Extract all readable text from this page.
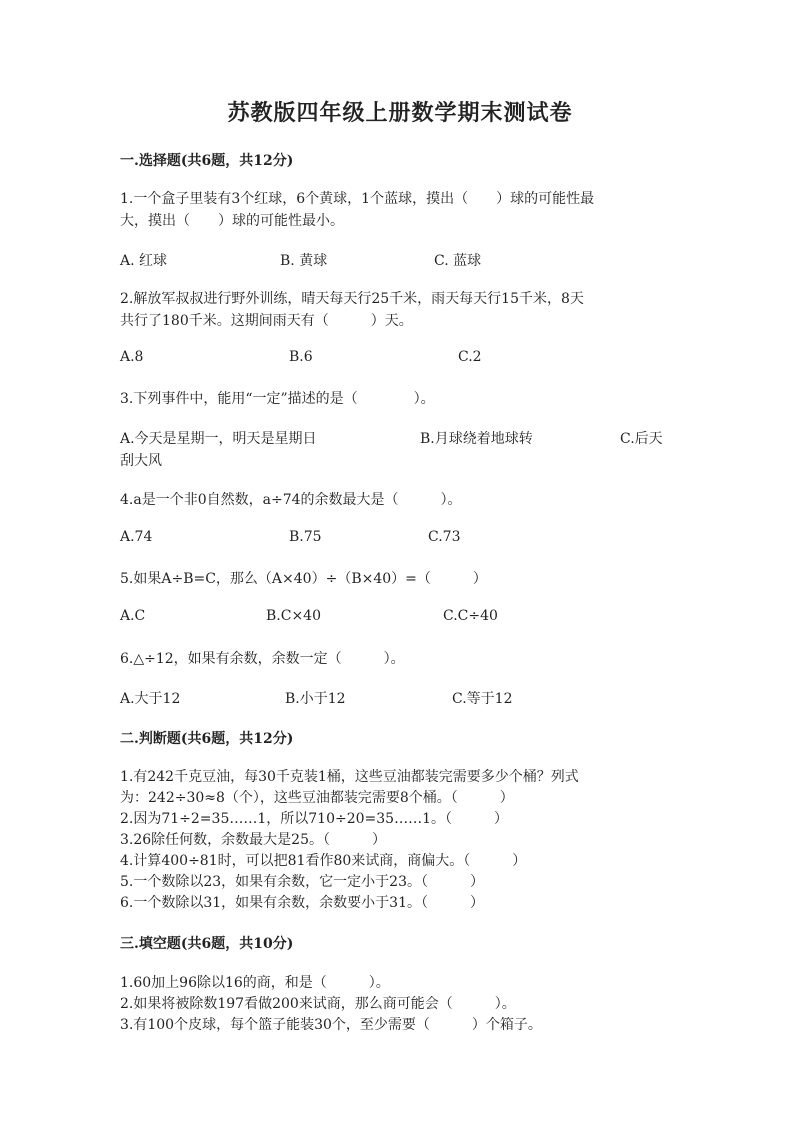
苏教版四年级上册数学期末测试卷
一.选择题(共6题，共12分)
1.一个盒子里装有3个红球，6个黄球，1个蓝球，摸出（　　）球的可能性最
大，摸出（　　）球的可能性最小。
A. 红球	B. 黄球	C. 蓝球
2.解放军叔叔进行野外训练，晴天每天行25千米，雨天每天行15千米，8天
共行了180千米。这期间雨天有（　　　）天。
A.8	B.6	C.2
3.下列事件中，能用“一定”描述的是（　　　　）。
A.今天是星期一，明天是星期日	B.月球绕着地球转	C.后天
刮大风
4.a是一个非0自然数，a÷74的余数最大是（　　　）。
A.74	B.75	C.73
5.如果A÷B=C，那么（A×40）÷（B×40）=（　　　）
A.C	B.C×40	C.C÷40
6.△÷12，如果有余数，余数一定（　　　）。
A.大于12	B.小于12	C.等于12
二.判断题(共6题，共12分)
1.有242千克豆油，每30千克装1桶，这些豆油都装完需要多少个桶？列式
为：242÷30≈8（个），这些豆油都装完需要8个桶。（　　　）
2.因为71÷2=35……1，所以710÷20=35……1。（　　　）
3.26除任何数，余数最大是25。（　　　）
4.计算400÷81时，可以把81看作80来试商，商偏大。（　　　）
5.一个数除以23，如果有余数，它一定小于23。（　　　）
6.一个数除以31，如果有余数，余数要小于31。（　　　）
三.填空题(共6题，共10分)
1.60加上96除以16的商，和是（　　　）。
2.如果将被除数197看做200来试商，那么商可能会（　　　）。
3.有100个皮球，每个篮子能装30个，至少需要（　　　）个箱子。
